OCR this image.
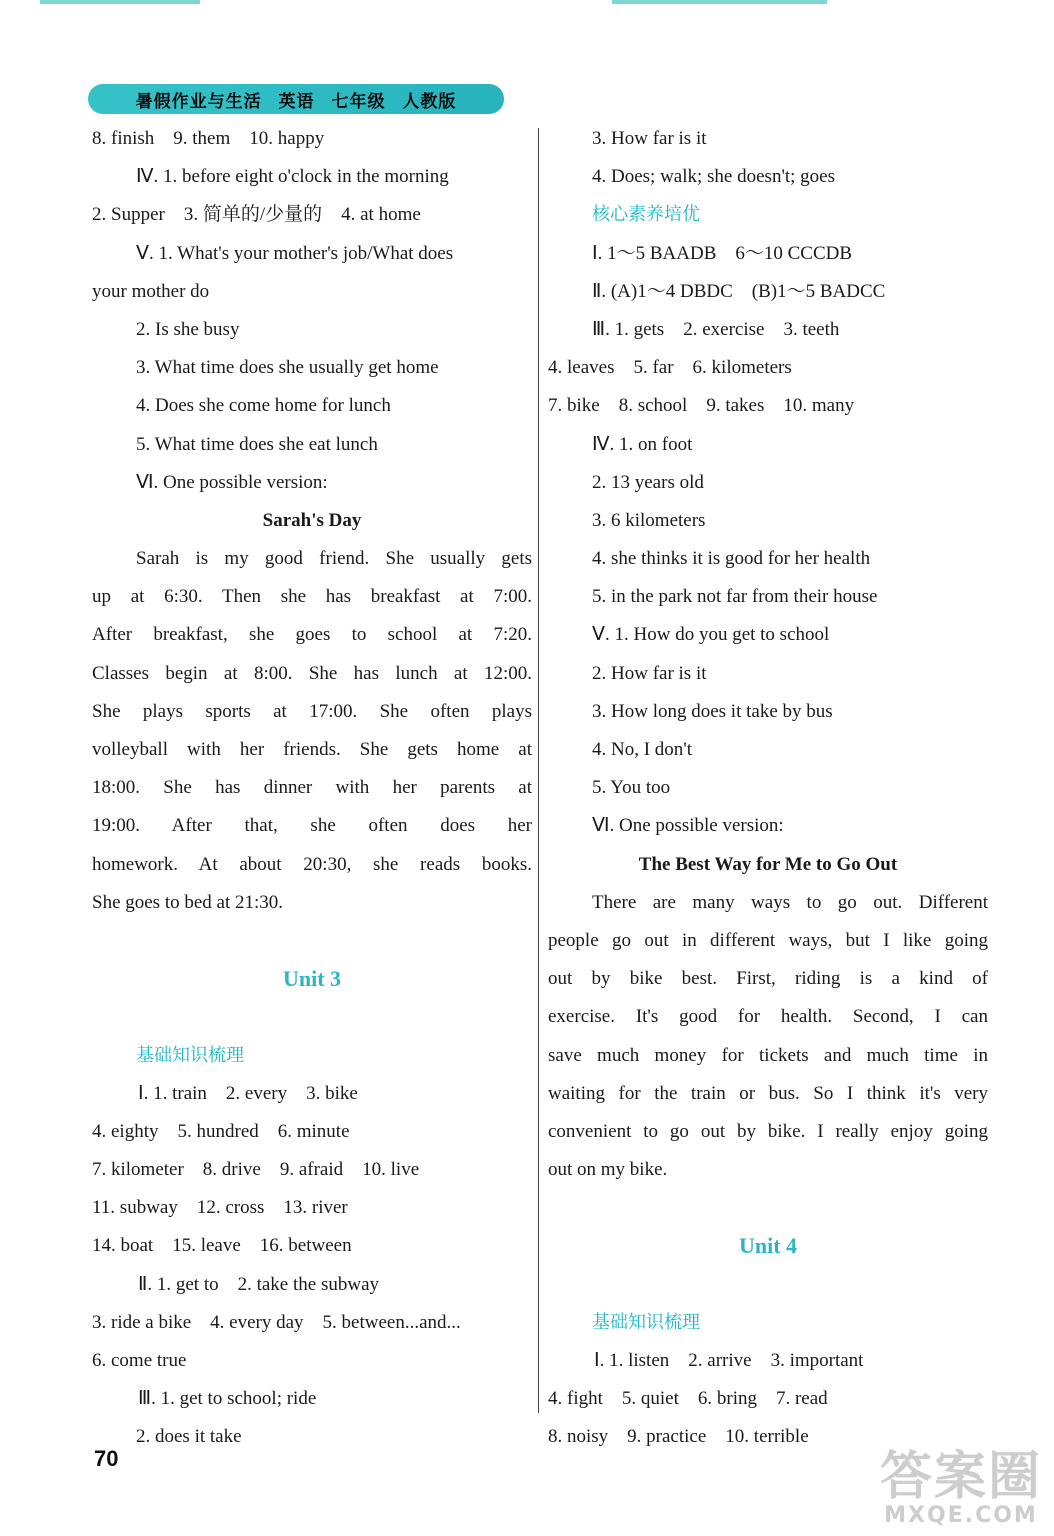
暑假作业与生活 英语 七年级 人教版
8. finish　9. them　10. happy
Ⅳ. 1. before eight o'clock in the morning
2. Supper　3. 简单的/少量的　4. at home
Ⅴ. 1. What's your mother's job/What does
your mother do
2. Is she busy
3. What time does she usually get home
4. Does she come home for lunch
5. What time does she eat lunch
Ⅵ. One possible version:
Sarah's Day
Sarah is my good friend. She usually gets
up at 6:30. Then she has breakfast at 7:00.
After breakfast, she goes to school at 7:20.
Classes begin at 8:00. She has lunch at 12:00.
She plays sports at 17:00. She often plays
volleyball with her friends. She gets home at
18:00. She has dinner with her parents at
19:00. After that, she often does her
homework. At about 20:30, she reads books.
She goes to bed at 21:30.
Unit 3
基础知识梳理
Ⅰ. 1. train　2. every　3. bike
4. eighty　5. hundred　6. minute
7. kilometer　8. drive　9. afraid　10. live
11. subway　12. cross　13. river
14. boat　15. leave　16. between
Ⅱ. 1. get to　2. take the subway
3. ride a bike　4. every day　5. between...and...
6. come true
Ⅲ. 1. get to school; ride
2. does it take
3. How far is it
4. Does; walk; she doesn't; goes
核心素养培优
Ⅰ. 1～5 BAADB　6～10 CCCDB
Ⅱ. (A)1～4 DBDC　(B)1～5 BADCC
Ⅲ. 1. gets　2. exercise　3. teeth
4. leaves　5. far　6. kilometers
7. bike　8. school　9. takes　10. many
Ⅳ. 1. on foot
2. 13 years old
3. 6 kilometers
4. she thinks it is good for her health
5. in the park not far from their house
Ⅴ. 1. How do you get to school
2. How far is it
3. How long does it take by bus
4. No, I don't
5. You too
Ⅵ. One possible version:
The Best Way for Me to Go Out
There are many ways to go out. Different
people go out in different ways, but I like going
out by bike best. First, riding is a kind of
exercise. It's good for health. Second, I can
save much money for tickets and much time in
waiting for the train or bus. So I think it's very
convenient to go out by bike. I really enjoy going
out on my bike.
Unit 4
基础知识梳理
Ⅰ. 1. listen　2. arrive　3. important
4. fight　5. quiet　6. bring　7. read
8. noisy　9. practice　10. terrible
70	答案圈
MXQE.COM
